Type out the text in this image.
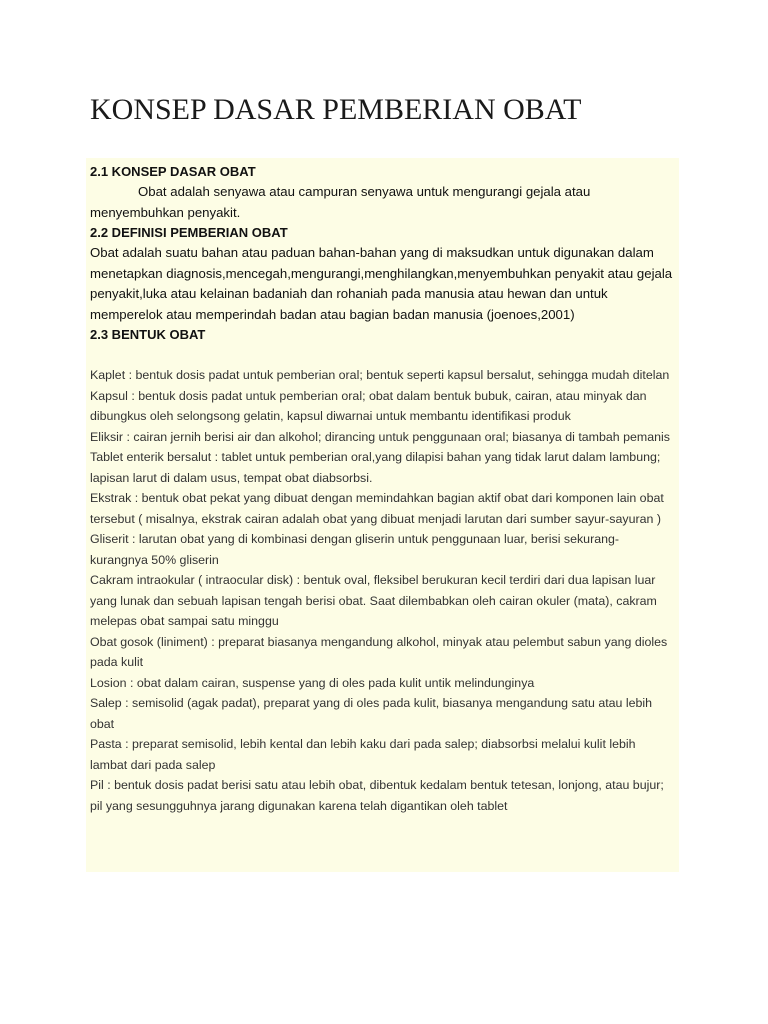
KONSEP DASAR PEMBERIAN OBAT
2.1 KONSEP DASAR OBAT
Obat adalah senyawa atau campuran senyawa untuk mengurangi gejala atau menyembuhkan penyakit.
2.2 DEFINISI PEMBERIAN OBAT
Obat adalah suatu bahan atau paduan bahan-bahan yang di maksudkan untuk digunakan dalam menetapkan diagnosis,mencegah,mengurangi,menghilangkan,menyembuhkan penyakit atau gejala penyakit,luka atau kelainan badaniah dan rohaniah pada manusia atau hewan dan untuk memperelok atau memperindah badan atau bagian badan manusia (joenoes,2001)
2.3 BENTUK OBAT
Kaplet : bentuk dosis padat untuk pemberian oral; bentuk seperti kapsul bersalut, sehingga mudah ditelan
Kapsul : bentuk dosis padat untuk pemberian oral; obat dalam bentuk bubuk, cairan, atau minyak dan dibungkus oleh selongsong gelatin, kapsul diwarnai untuk membantu identifikasi produk
Eliksir : cairan jernih berisi air dan alkohol; dirancing untuk penggunaan oral; biasanya di tambah pemanis
Tablet enterik bersalut : tablet untuk pemberian oral,yang dilapisi bahan yang tidak larut dalam lambung; lapisan larut di dalam usus, tempat obat diabsorbsi.
Ekstrak : bentuk obat pekat yang dibuat dengan memindahkan bagian aktif obat dari komponen lain obat tersebut ( misalnya, ekstrak cairan adalah obat yang dibuat menjadi larutan dari sumber sayur-sayuran )
Gliserit : larutan obat yang di kombinasi dengan gliserin untuk penggunaan luar, berisi sekurang-kurangnya 50% gliserin
Cakram intraokular ( intraocular disk) : bentuk oval, fleksibel berukuran kecil terdiri dari dua lapisan luar yang lunak dan sebuah lapisan tengah berisi obat. Saat dilembabkan oleh cairan okuler (mata), cakram melepas obat sampai satu minggu
Obat gosok (liniment) : preparat biasanya mengandung alkohol, minyak atau pelembut sabun yang dioles pada kulit
Losion : obat dalam cairan, suspense yang di oles pada kulit untik melindunginya
Salep : semisolid (agak padat), preparat yang di oles pada kulit, biasanya mengandung satu atau lebih obat
Pasta : preparat semisolid, lebih kental dan lebih kaku dari pada salep; diabsorbsi melalui kulit lebih lambat dari pada salep
Pil : bentuk dosis padat berisi satu atau lebih obat, dibentuk kedalam bentuk tetesan, lonjong, atau bujur; pil yang sesungguhnya jarang digunakan karena telah digantikan oleh tablet
